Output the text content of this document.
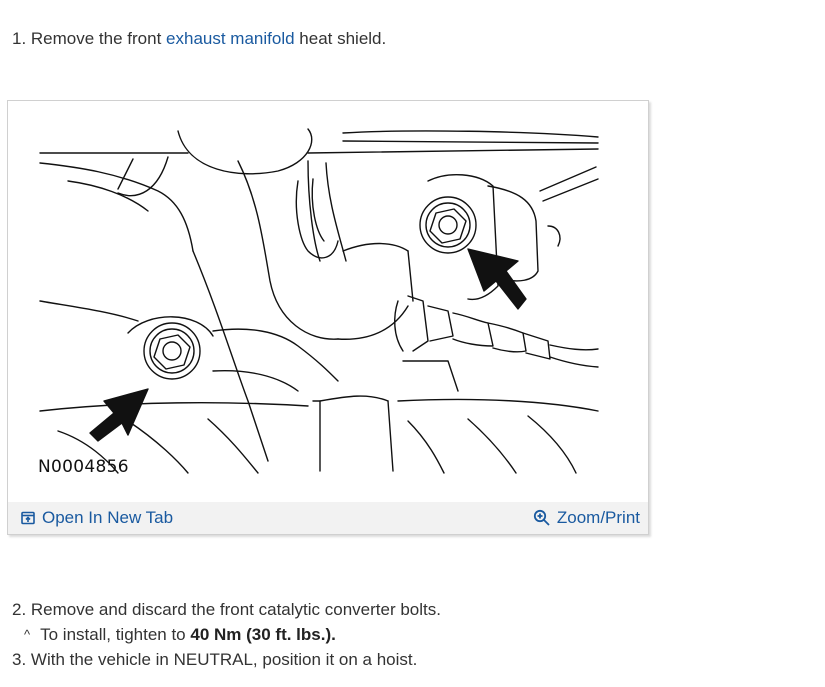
1. Remove the front exhaust manifold heat shield.

N0004856
Open In New Tab	Zoom/Print

2. Remove and discard the front catalytic converter bolts.

^ To install, tighten to
40 Nm (30 ft. lbs.).

3. With the vehicle in NEUTRAL, position it on a hoist.
